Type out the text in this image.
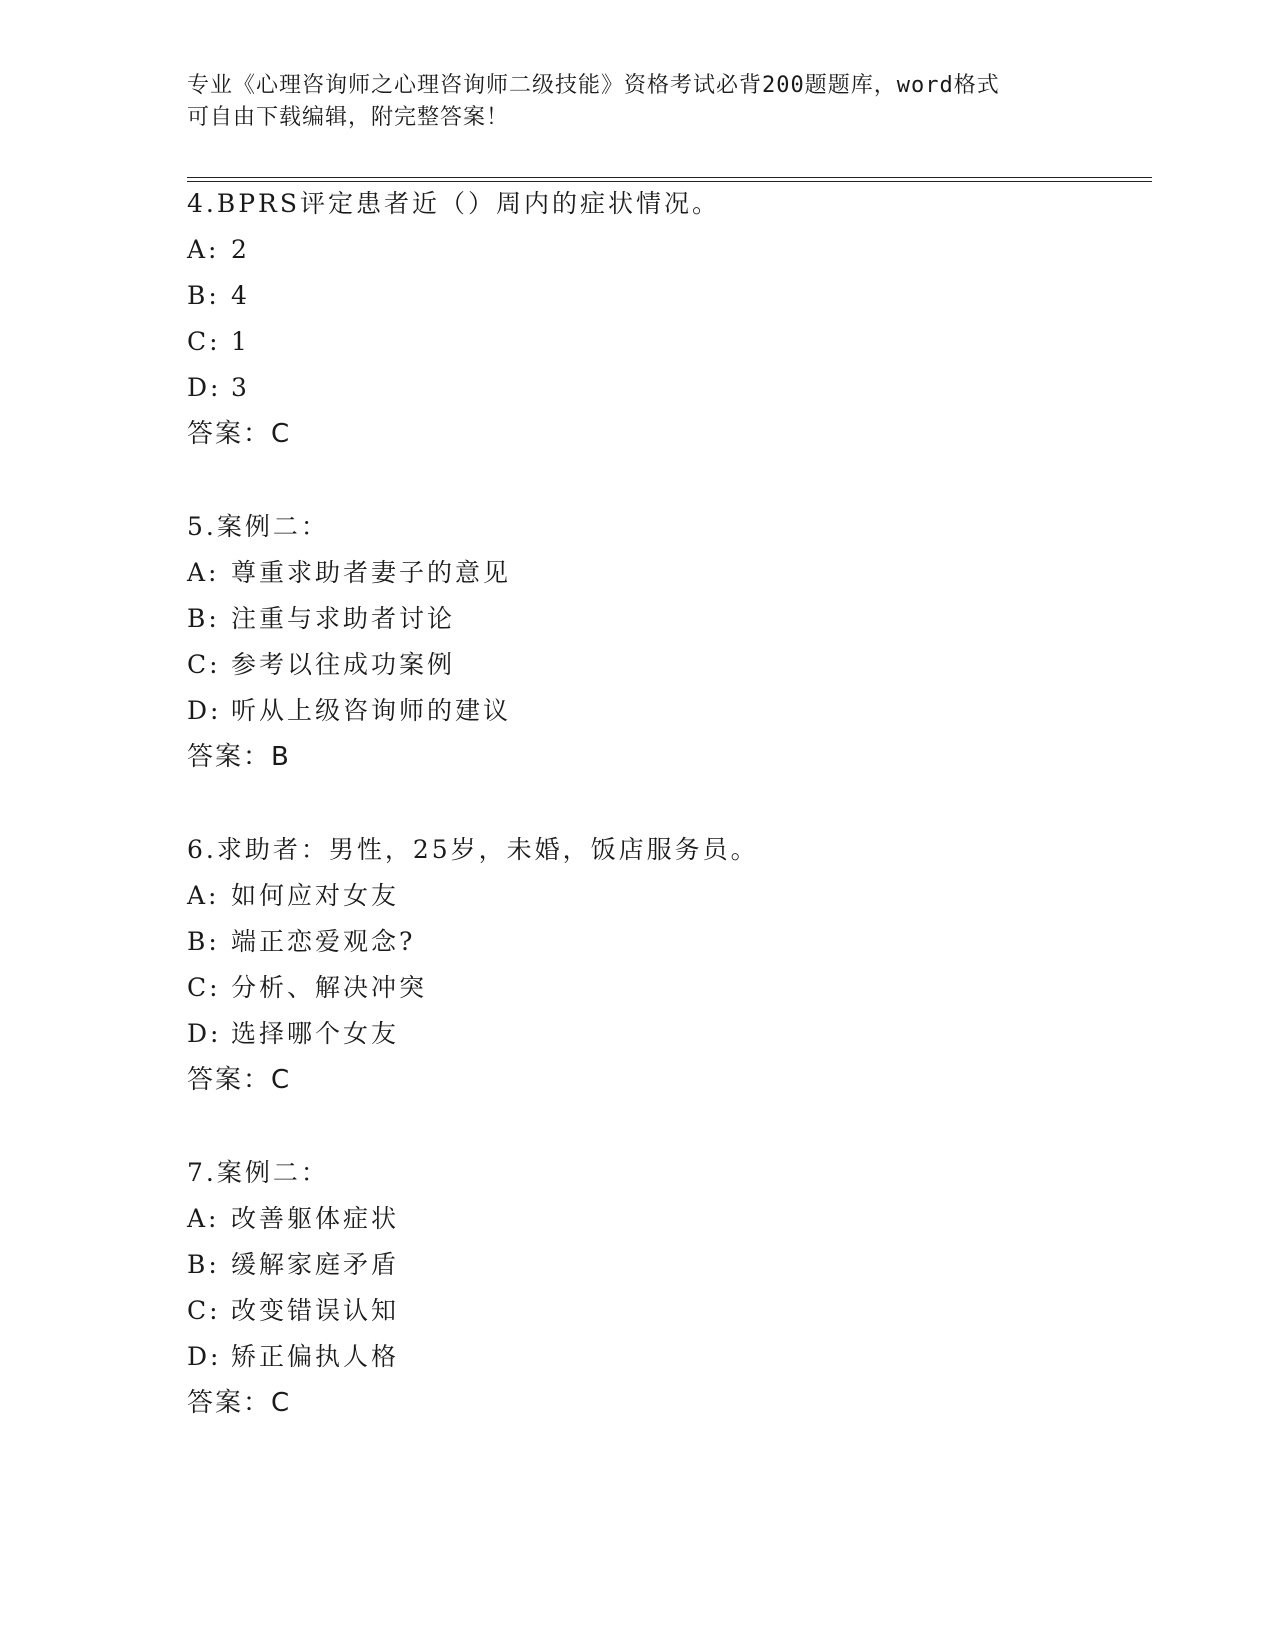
专业《心理咨询师之心理咨询师二级技能》资格考试必背200题题库，word格式
可自由下载编辑，附完整答案！
4.BPRS评定患者近（）周内的症状情况。
A: 2
B: 4
C: 1
D: 3
答案：C
5.案例二：
A: 尊重求助者妻子的意见
B: 注重与求助者讨论
C: 参考以往成功案例
D: 听从上级咨询师的建议
答案：B
6.求助者：男性，25岁，未婚，饭店服务员。
A: 如何应对女友
B: 端正恋爱观念?
C: 分析、解决冲突
D: 选择哪个女友
答案：C
7.案例二：
A: 改善躯体症状
B: 缓解家庭矛盾
C: 改变错误认知
D: 矫正偏执人格
答案：C
